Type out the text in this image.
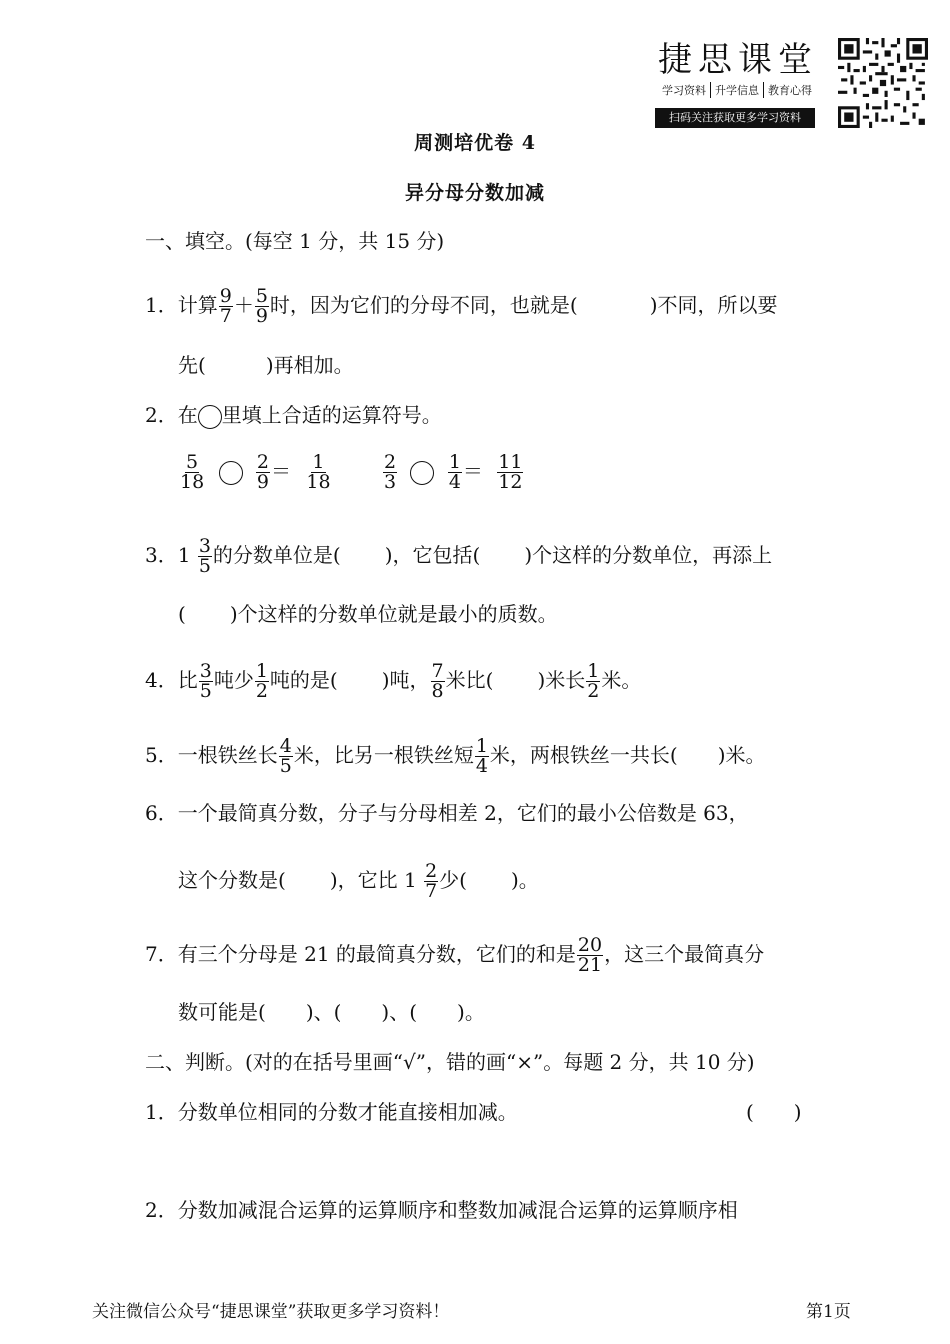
捷思课堂
学习资料 升学信息 教育心得
扫码关注获取更多学习资料
周测培优卷 4
异分母分数加减
一、填空。(每空 1 分，共 15 分)
1．计算 $\frac{9}{7} + \frac{5}{9}$ 时，因为它们的分母不同，也就是(	)不同，所以要
先(	)再相加。
2．在 里填上合适的运算符号。
$\frac{5}{18}$
	$\frac{2}{9} = \frac{1}{18}$	$\frac{2}{3}$
	$\frac{1}{4} = \frac{11}{12}$
3．$1 \frac{3}{5}$ 的分数单位是( )，它包括( )个这样的分数单位，再添上
( )个这样的分数单位就是最小的质数。
4．比 $\frac{3}{5}$ 吨少 $\frac{1}{2}$ 吨的是( )吨， $\frac{7}{8}$ 米比( )米长 $\frac{1}{2}$ 米。
5．一根铁丝长 $\frac{4}{5}$ 米，比另一根铁丝短 $\frac{1}{4}$ 米，两根铁丝一共长( )米。
6．一个最简真分数，分子与分母相差 2，它们的最小公倍数是 63，
这个分数是( )，它比 $1 \frac{2}{7}$ 少( )。
7．有三个分母是 21 的最简真分数，它们的和是 $\frac{20}{21}$ ，这三个最简真分
数可能是( )、( )、( )。
二、判断。(对的在括号里画“√”，错的画“×”。每题 2 分，共 10 分)
1．分数单位相同的分数才能直接相加减。	(　　)
2．分数加减混合运算的运算顺序和整数加减混合运算的运算顺序相
关注微信公众号“捷思课堂”获取更多学习资料！	第1页
